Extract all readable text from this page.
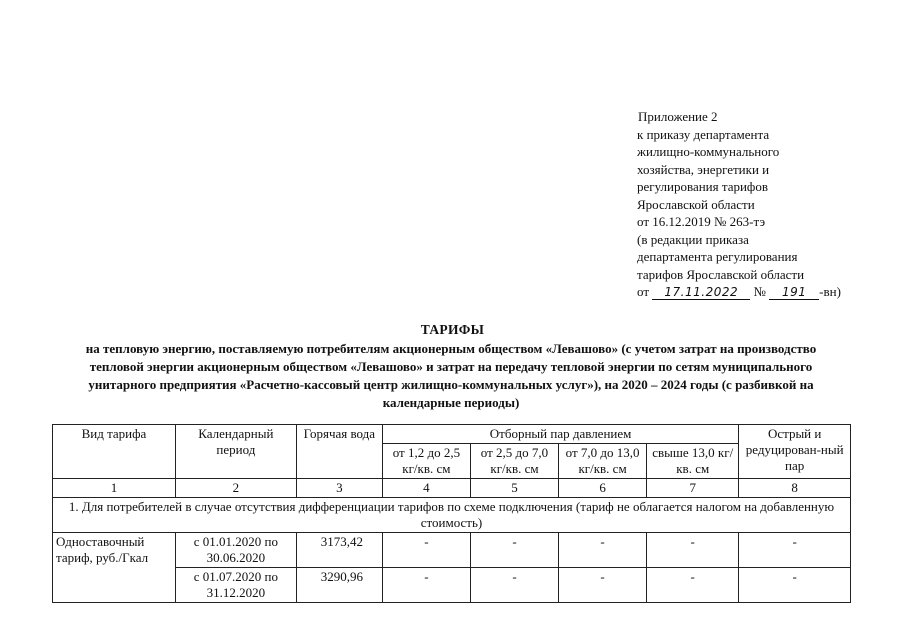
Приложение 2
к приказу департамента
жилищно-коммунального
хозяйства, энергетики и
регулирования тарифов
Ярославской области
от 16.12.2019 № 263-тэ
(в редакции приказа
департамента регулирования
тарифов Ярославской области
от 17.11.2022 № 191 -вн)
ТАРИФЫ
на тепловую энергию, поставляемую потребителям акционерным обществом «Левашово» (с учетом затрат на производство тепловой энергии акционерным обществом «Левашово» и затрат на передачу тепловой энергии по сетям муниципального унитарного предприятия «Расчетно-кассовый центр жилищно-коммунальных услуг»), на 2020 – 2024 годы (с разбивкой на календарные периоды)
Вид тарифа	Календарный период	Горячая вода	Отборный пар давлением				Острый и редуцирован-ный пар
			от 1,2 до 2,5 кг/кв. см	от 2,5 до 7,0 кг/кв. см	от 7,0 до 13,0 кг/кв. см	свыше 13,0 кг/кв. см	
1	2	3	4	5	6	7	8
1. Для потребителей в случае отсутствия дифференциации тарифов по схеме подключения (тариф не облагается налогом на добавленную стоимость)							
Одноставочный тариф, руб./Гкал	с 01.01.2020 по 30.06.2020	3173,42	-	-	-	-	-
	с 01.07.2020 по 31.12.2020	3290,96	-	-	-	-	-
